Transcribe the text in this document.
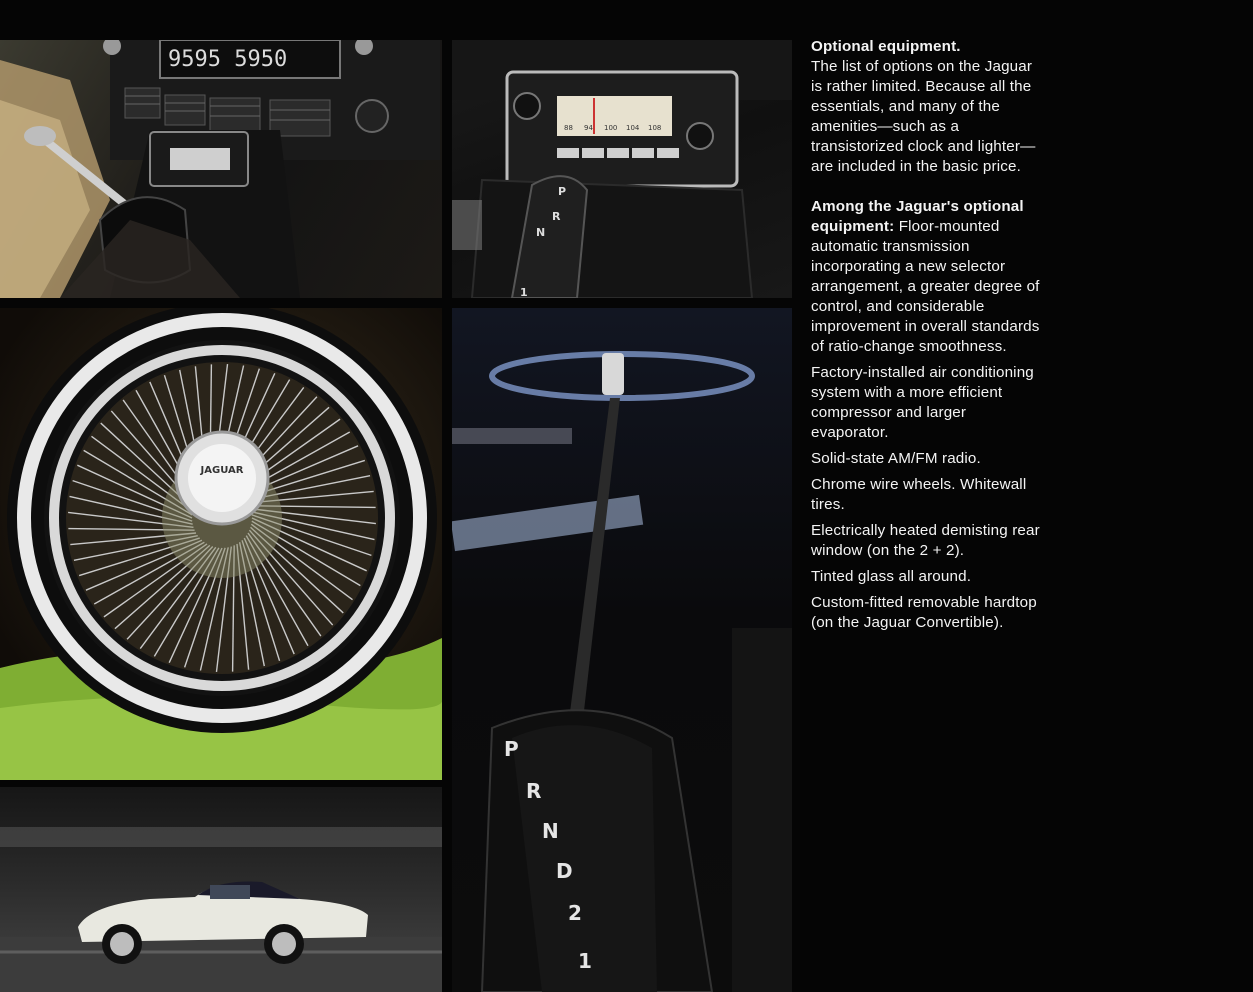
9595 5950
88 94 100 104 108
P
R
N
1
JAGUAR
P
R
N
D
2
1

Optional equipment.

The list of options on the Jaguar is rather limited. Because all the essentials, and many of the amenities—such as a transistorized clock and lighter—are included in the basic price.

Among the Jaguar's optional equipment: Floor-mounted automatic transmission incorporating a new selector arrangement, a greater degree of control, and considerable improvement in overall standards of ratio-change smoothness.

Factory-installed air conditioning system with a more efficient compressor and larger evaporator.

Solid-state AM/FM radio.

Chrome wire wheels. Whitewall tires.

Electrically heated demisting rear window (on the 2 + 2).

Tinted glass all around.

Custom-fitted removable hardtop (on the Jaguar Convertible).
